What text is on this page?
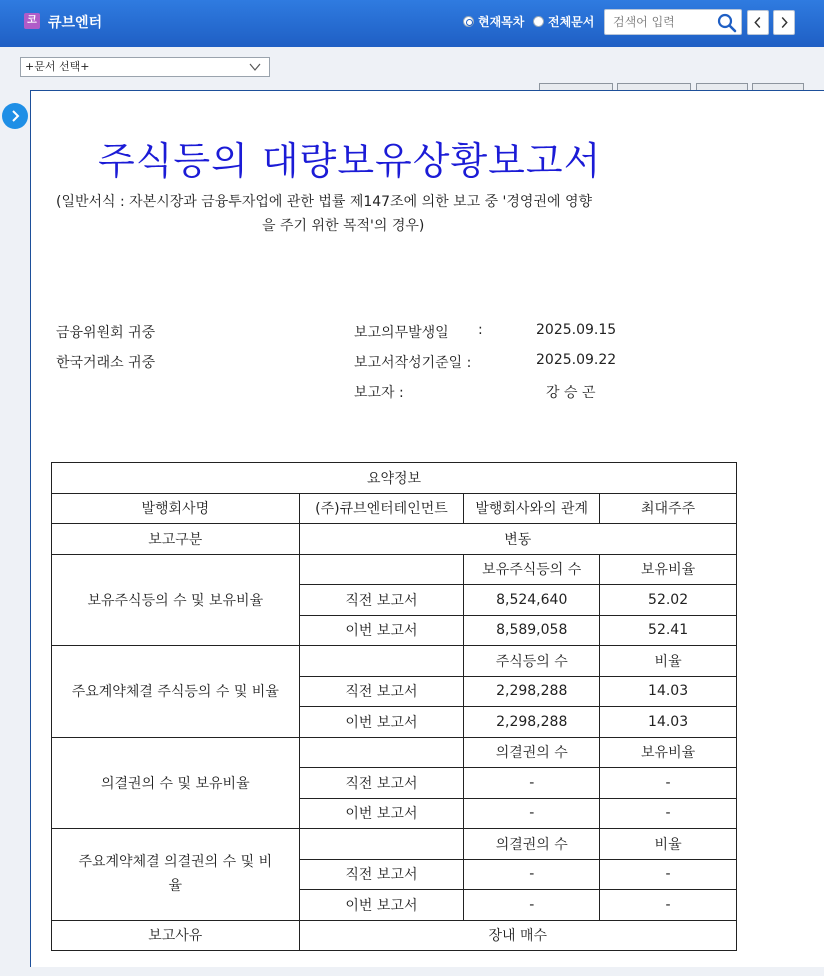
코 큐브엔터	현재목차 전체문서
검색어 입력
+문서 선택+
주식등의 대량보유상황보고서
(일반서식 : 자본시장과 금융투자업에 관한 법률 제147조에 의한 보고 중 '경영권에 영향
을 주기 위한 목적'의 경우)
금융위원회 귀중
한국거래소 귀중
보고의무발생일 :	2025.09.15
보고서작성기준일 :	2025.09.22
보고자 :	강 승 곤
요약정보			
발행회사명	(주)큐브엔터테인먼트	발행회사와의 관계	최대주주
보고구분	변동		
보유주식등의 수 및 보유비율		보유주식등의 수	보유비율
	직전 보고서	8,524,640	52.02
	이번 보고서	8,589,058	52.41
주요계약체결 주식등의 수 및 비율		주식등의 수	비율
	직전 보고서	2,298,288	14.03
	이번 보고서	2,298,288	14.03
의결권의 수 및 보유비율		의결권의 수	보유비율
	직전 보고서	-	-
	이번 보고서	-	-
주요계약체결 의결권의 수 및 비율		의결권의 수	비율
	직전 보고서	-	-
	이번 보고서	-	-
보고사유	장내 매수		
